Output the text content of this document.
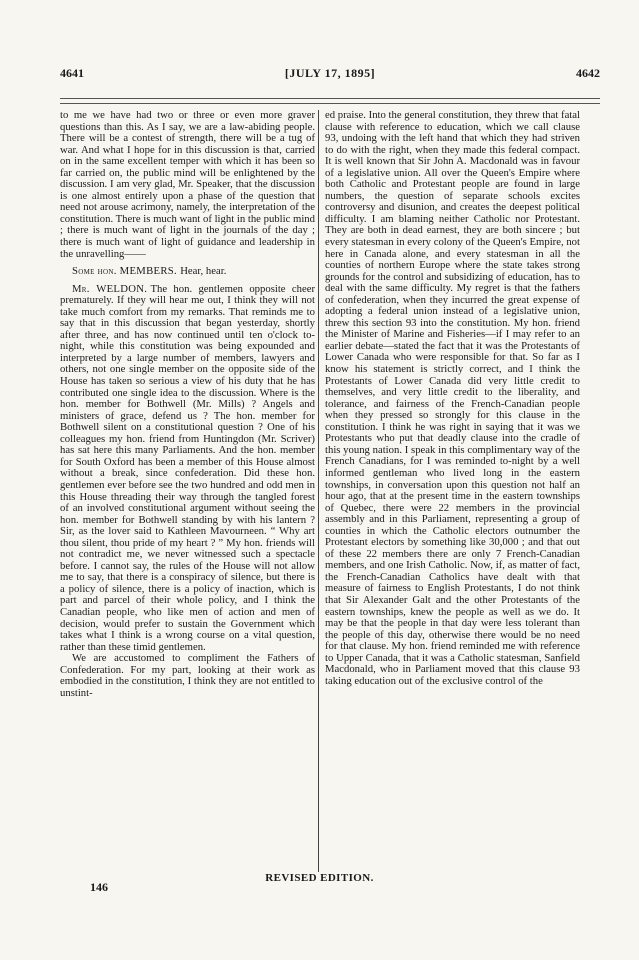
4641	[JULY 17, 1895]	4642

to me we have had two or three or even more graver questions than this. As I say, we are a law-abiding people. There will be a contest of strength, there will be a tug of war. And what I hope for in this discussion is that, carried on in the same excellent temper with which it has been so far carried on, the public mind will be enlightened by the discussion. I am very glad, Mr. Speaker, that the discussion is one almost entirely upon a phase of the question that need not arouse acrimony, namely, the interpretation of the constitution. There is much want of light in the public mind ; there is much want of light in the journals of the day ; there is much want of light of guidance and leadership in the unravelling——

Some hon. MEMBERS. Hear, hear.

Mr. WELDON. The hon. gentlemen opposite cheer prematurely. If they will hear me out, I think they will not take much comfort from my remarks. That reminds me to say that in this discussion that began yesterday, shortly after three, and has now continued until ten o'clock to-night, while this constitution was being expounded and interpreted by a large number of members, lawyers and others, not one single member on the opposite side of the House has taken so serious a view of his duty that he has contributed one single idea to the discussion. Where is the hon. member for Bothwell (Mr. Mills) ? Angels and ministers of grace, defend us ? The hon. member for Bothwell silent on a constitutional question ? One of his colleagues my hon. friend from Huntingdon (Mr. Scriver) has sat here this many Parliaments. And the hon. member for South Oxford has been a member of this House almost without a break, since confederation. Did these hon. gentlemen ever before see the two hundred and odd men in this House threading their way through the tangled forest of an involved constitutional argument without seeing the hon. member for Bothwell standing by with his lantern ? Sir, as the lover said to Kathleen Mavourneen. “ Why art thou silent, thou pride of my heart ? ” My hon. friends will not contradict me, we never witnessed such a spectacle before. I cannot say, the rules of the House will not allow me to say, that there is a conspiracy of silence, but there is a policy of silence, there is a policy of inaction, which is part and parcel of their whole policy, and I think the Canadian people, who like men of action and men of decision, would prefer to sustain the Government which takes what I think is a wrong course on a vital question, rather than these timid gentlemen.

We are accustomed to compliment the Fathers of Confederation. For my part, looking at their work as embodied in the constitution, I think they are not entitled to unstint-

ed praise. Into the general constitution, they threw that fatal clause with reference to education, which we call clause 93, undoing with the left hand that which they had striven to do with the right, when they made this federal compact. It is well known that Sir John A. Macdonald was in favour of a legislative union. All over the Queen's Empire where both Catholic and Protestant people are found in large numbers, the question of separate schools excites controversy and disunion, and creates the deepest political difficulty. I am blaming neither Catholic nor Protestant. They are both in dead earnest, they are both sincere ; but every statesman in every colony of the Queen's Empire, not here in Canada alone, and every statesman in all the counties of northern Europe where the state takes strong grounds for the control and subsidizing of education, has to deal with the same difficulty. My regret is that the fathers of confederation, when they incurred the great expense of adopting a federal union instead of a legislative union, threw this section 93 into the constitution. My hon. friend the Minister of Marine and Fisheries—if I may refer to an earlier debate—stated the fact that it was the Protestants of Lower Canada who were responsible for that. So far as I know his statement is strictly correct, and I think the Protestants of Lower Canada did very little credit to themselves, and very little credit to the liberality, and tolerance, and fairness of the French-Canadian people when they pressed so strongly for this clause in the constitution. I think he was right in saying that it was we Protestants who put that deadly clause into the cradle of this young nation. I speak in this complimentary way of the French Canadians, for I was reminded to-night by a well informed gentleman who lived long in the eastern townships, in conversation upon this question not half an hour ago, that at the present time in the eastern townships of Quebec, there were 22 members in the provincial assembly and in this Parliament, representing a group of counties in which the Catholic electors outnumber the Protestant electors by something like 30,000 ; and that out of these 22 members there are only 7 French-Canadian members, and one Irish Catholic. Now, if, as matter of fact, the French-Canadian Catholics have dealt with that measure of fairness to English Protestants, I do not think that Sir Alexander Galt and the other Protestants of the eastern townships, knew the people as well as we do. It may be that the people in that day were less tolerant than the people of this day, otherwise there would be no need for that clause. My hon. friend reminded me with reference to Upper Canada, that it was a Catholic statesman, Sanfield Macdonald, who in Parliament moved that this clause 93 taking education out of the exclusive control of the

146
REVISED EDITION.
